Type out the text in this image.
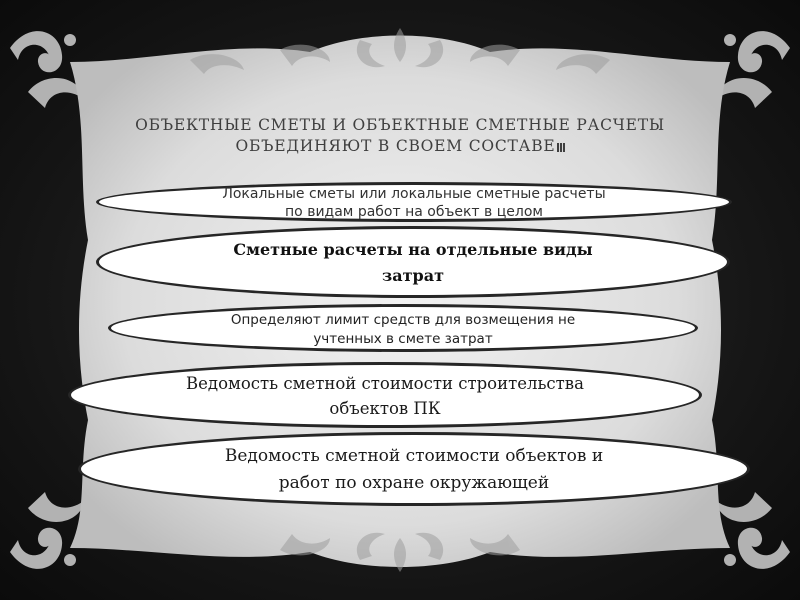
ОБЪЕКТНЫЕ СМЕТЫ И ОБЪЕКТНЫЕ СМЕТНЫЕ РАСЧЕТЫ
ОБЪЕДИНЯЮТ В СВОЕМ СОСТАВЕ
Локальные сметы или локальные сметные расчеты
по видам работ на объект в целом
Сметные расчеты на отдельные виды
затрат
Определяют лимит средств для возмещения не
учтенных в смете затрат
Ведомость сметной стоимости строительства
объектов ПК
Ведомость сметной стоимости объектов и
работ по охране окружающей
